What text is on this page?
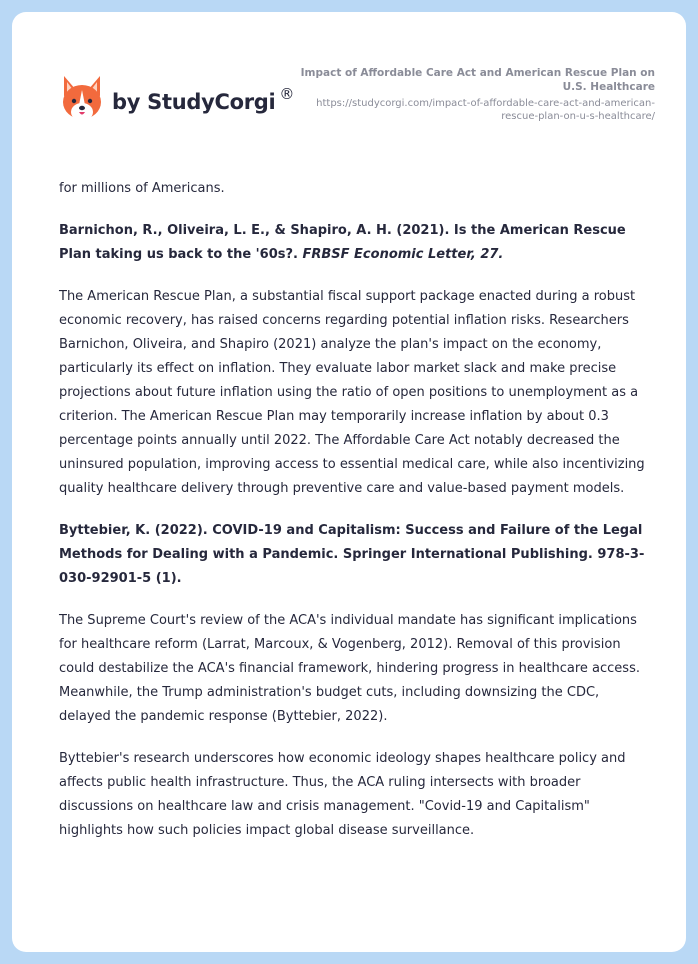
by StudyCorgi ®
Impact of Affordable Care Act and American Rescue Plan on U.S. Healthcare
https://studycorgi.com/impact-of-affordable-care-act-and-american-rescue-plan-on-u-s-healthcare/

for millions of Americans.

Barnichon, R., Oliveira, L. E., & Shapiro, A. H. (2021). Is the American Rescue Plan taking us back to the '60s?. FRBSF Economic Letter, 27.

The American Rescue Plan, a substantial fiscal support package enacted during a robust economic recovery, has raised concerns regarding potential inflation risks. Researchers Barnichon, Oliveira, and Shapiro (2021) analyze the plan's impact on the economy, particularly its effect on inflation. They evaluate labor market slack and make precise projections about future inflation using the ratio of open positions to unemployment as a criterion. The American Rescue Plan may temporarily increase inflation by about 0.3 percentage points annually until 2022. The Affordable Care Act notably decreased the uninsured population, improving access to essential medical care, while also incentivizing quality healthcare delivery through preventive care and value-based payment models.

Byttebier, K. (2022). COVID-19 and Capitalism: Success and Failure of the Legal Methods for Dealing with a Pandemic. Springer International Publishing. 978-3-030-92901-5 (1).

The Supreme Court's review of the ACA's individual mandate has significant implications for healthcare reform (Larrat, Marcoux, & Vogenberg, 2012). Removal of this provision could destabilize the ACA's financial framework, hindering progress in healthcare access. Meanwhile, the Trump administration's budget cuts, including downsizing the CDC, delayed the pandemic response (Byttebier, 2022).

Byttebier's research underscores how economic ideology shapes healthcare policy and affects public health infrastructure. Thus, the ACA ruling intersects with broader discussions on healthcare law and crisis management. "Covid-19 and Capitalism" highlights how such policies impact global disease surveillance.
